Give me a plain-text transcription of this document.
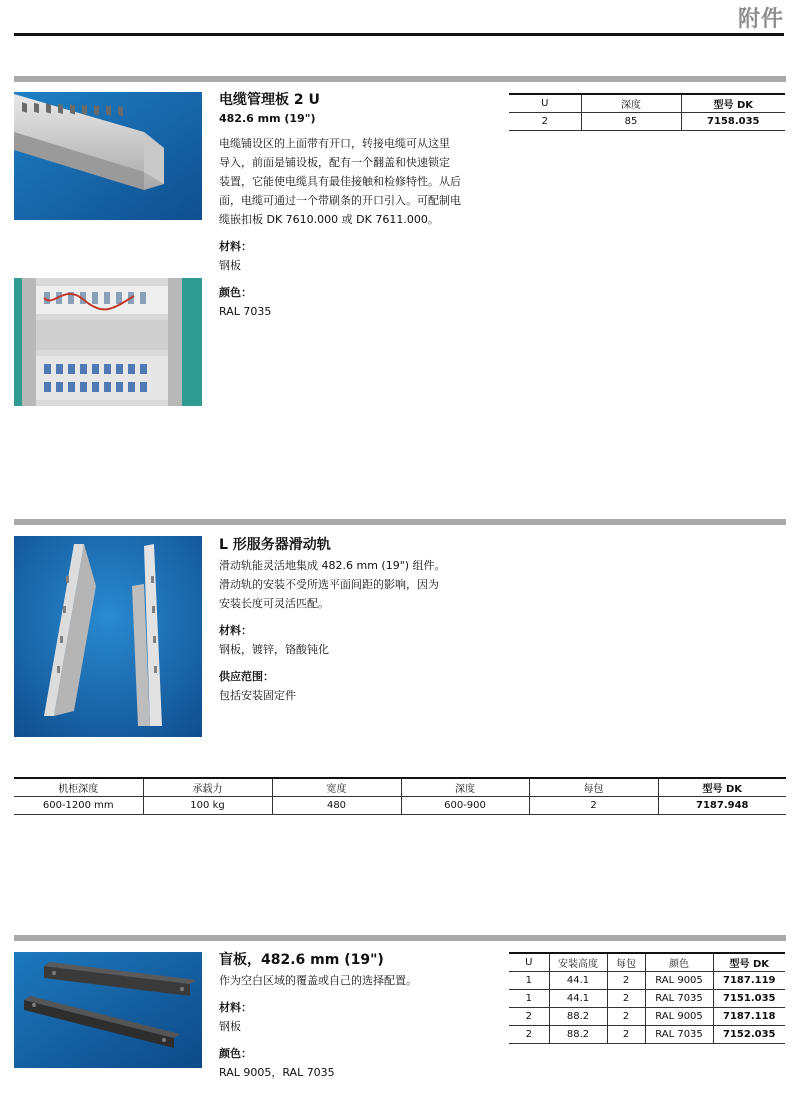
附件
电缆管理板 2 U
482.6 mm (19")
电缆铺设区的上面带有开口，转接电缆可从这里
导入，前面是铺设板，配有一个翻盖和快速锁定
装置，它能使电缆具有最佳接触和检修特性。从后
面，电缆可通过一个带刷条的开口引入。可配制电
缆嵌扣板 DK 7610.000 或 DK 7611.000。
材料：
钢板
颜色：
RAL 7035
U	深度	型号 DK
2	85	7158.035
L 形服务器滑动轨
滑动轨能灵活地集成 482.6 mm (19") 组件。
滑动轨的安装不受所选平面间距的影响，因为
安装长度可灵活匹配。
材料：
钢板，镀锌，铬酸钝化
供应范围：
包括安装固定件
机柜深度	承载力	宽度	深度	每包	型号 DK
600-1200 mm	100 kg	480	600-900	2	7187.948
盲板，482.6 mm (19")
作为空白区域的覆盖或自己的选择配置。
材料：
钢板
颜色：
RAL 9005，RAL 7035
U	安装高度	每包	颜色	型号 DK
1	44.1	2	RAL 9005	7187.119
1	44.1	2	RAL 7035	7151.035
2	88.2	2	RAL 9005	7187.118
2	88.2	2	RAL 7035	7152.035
